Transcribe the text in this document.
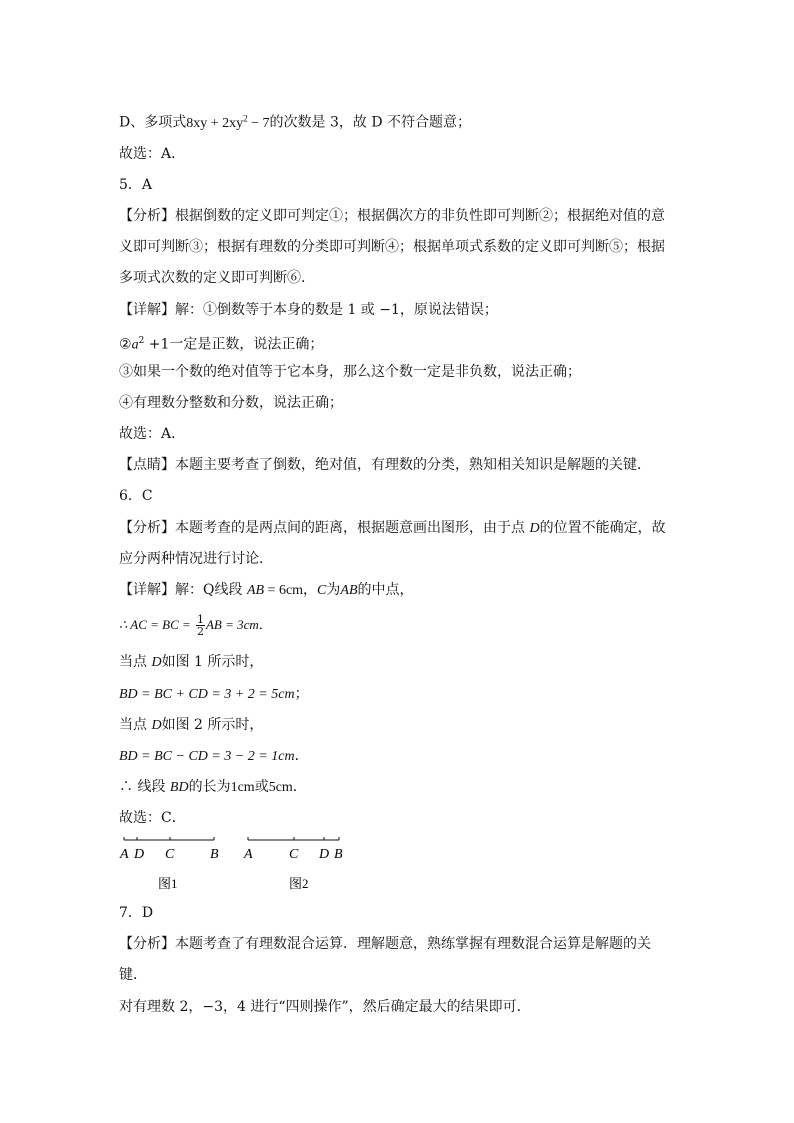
D、多项式$8xy + 2xy^2 - 7$的次数是 3，故 D 不符合题意；
故选：A．
5．A
【分析】根据倒数的定义即可判定①；根据偶次方的非负性即可判断②；根据绝对值的意
义即可判断③；根据有理数的分类即可判断④；根据单项式系数的定义即可判断⑤；根据
多项式次数的定义即可判断⑥．
【详解】解：①倒数等于本身的数是 1 或 −1，原说法错误；
$②a^2 +1$一定是正数，说法正确；
③如果一个数的绝对值等于它本身，那么这个数一定是非负数，说法正确；
④有理数分整数和分数，说法正确；
故选：A．
【点睛】本题主要考查了倒数，绝对值，有理数的分类，熟知相关知识是解题的关键．
6．C
【分析】本题考查的是两点间的距离，根据题意画出图形，由于点 D的位置不能确定，故
应分两种情况进行讨论．
【详解】解：Q线段 AB = 6cm，C为AB的中点，
∴ AC = BC = $\frac{1}{2}$ AB = 3cm．
当点 D如图 1 所示时，
BD = BC + CD = 3 + 2 = 5cm；
当点 D如图 2 所示时，
BD = BC − CD = 3 − 2 = 1cm．
∴ 线段 BD的长为1cm或5cm．
故选：C．
A D C	B
图1
A	C D B
图2
7．D
【分析】本题考查了有理数混合运算．理解题意，熟练掌握有理数混合运算是解题的关
键．
对有理数 2，−3，4 进行“四则操作”，然后确定最大的结果即可．
